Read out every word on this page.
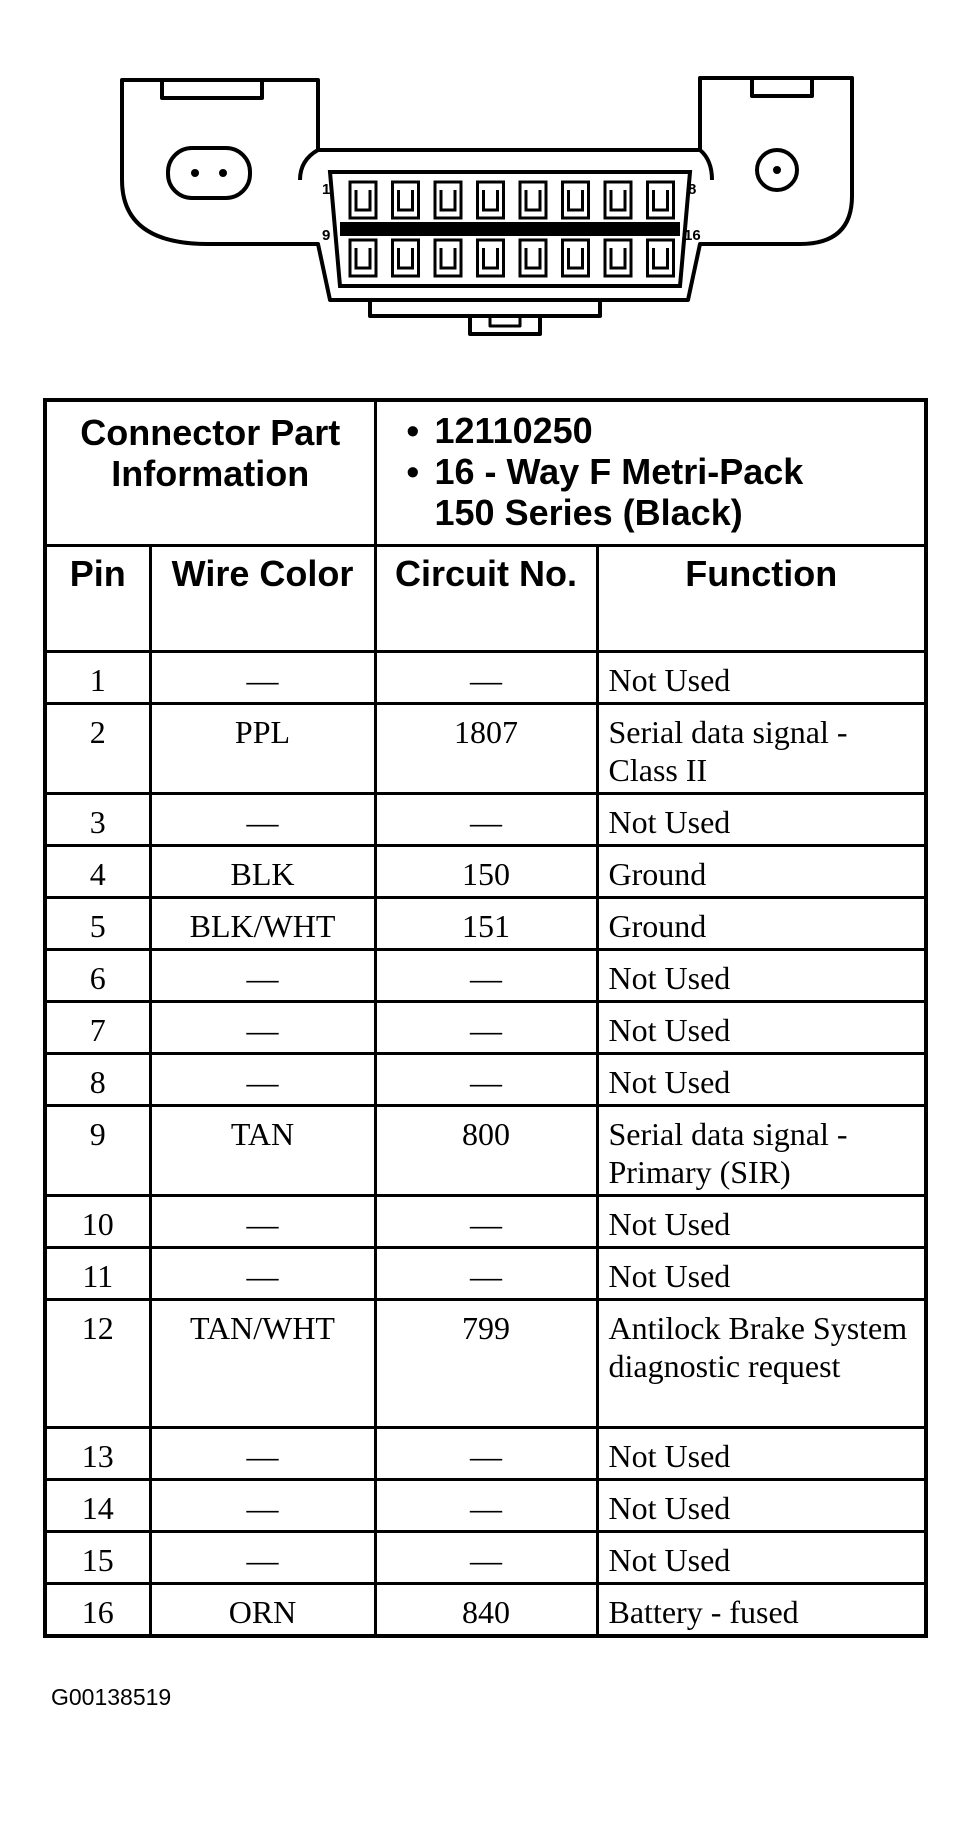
1	8
9	16
Connector Part Information		• 12110250
• 16 - Way F Metri-Pack
150 Series (Black)	

Pin	Wire Color	Circuit No.	Function
1	—	—	Not Used
2	PPL	1807	Serial data signal - Class II
3	—	—	Not Used
4	BLK	150	Ground
5	BLK/WHT	151	Ground
6	—	—	Not Used
7	—	—	Not Used
8	—	—	Not Used
9	TAN	800	Serial data signal - Primary (SIR)
10	—	—	Not Used
11	—	—	Not Used
12	TAN/WHT	799	Antilock Brake System diagnostic request
13	—	—	Not Used
14	—	—	Not Used
15	—	—	Not Used
16	ORN	840	Battery - fused

G00138519
